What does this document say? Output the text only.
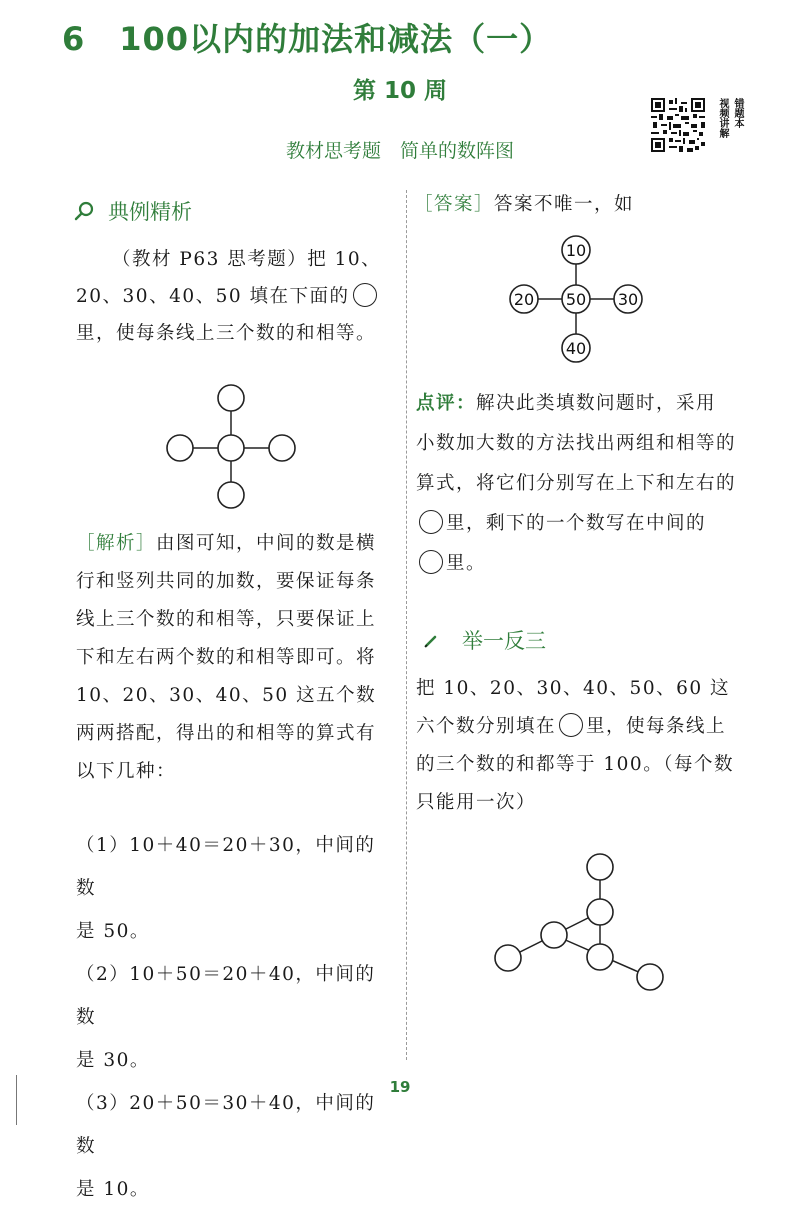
6 100以内的加法和减法（一）
第 10 周
教材思考题　简单的数阵图
错题本
视频讲解
典例精析
（教材 P63 思考题）把 10、20、30、40、50 填在下面的里，使每条线上三个数的和相等。
［解析］由图可知，中间的数是横行和竖列共同的加数，要保证每条线上三个数的和相等，只要保证上下和左右两个数的和相等即可。将 10、20、30、40、50 这五个数两两搭配，得出的和相等的算式有以下几种：
（1）10＋40＝20＋30，中间的数
是 50。
（2）10＋50＝20＋40，中间的数
是 30。
（3）20＋50＝30＋40，中间的数
是 10。
［答案］答案不唯一，如
10
20 50 30
40
点评：解决此类填数问题时，采用小数加大数的方法找出两组和相等的算式，将它们分别写在上下和左右的
里，剩下的一个数写在中间的
里。
举一反三
把 10、20、30、40、50、60 这六个数分别填在 里，使每条线上的三个数的和都等于 100。（每个数只能用一次）
19
